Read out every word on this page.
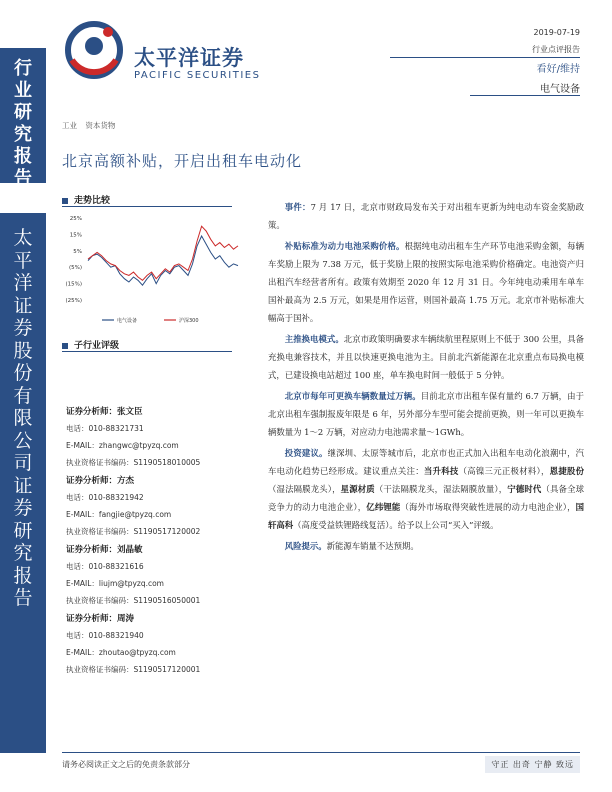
行
业
研
究
报
告
太
平
洋
证
券
股
份
有
限
公
司
证
券
研
究
报
告
太平洋证券
PACIFIC SECURITIES
2019-07-19
行业点评报告
看好/维持
电气设备
工业 资本货物
北京高额补贴，开启出租车电动化
走势比较
25%
15%
5%
(5%)
(15%)
(25%)
电气设备	沪深300
子行业评级
证券分析师：张文臣
电话：010-88321731
E-MAIL：zhangwc@tpyzq.com
执业资格证书编码：S1190518010005
证券分析师：方杰
电话：010-88321942
E-MAIL：fangjie@tpyzq.com
执业资格证书编码：S1190517120002
证券分析师：刘晶敏
电话：010-88321616
E-MAIL：liujm@tpyzq.com
执业资格证书编码：S1190516050001
证券分析师：周涛
电话：010-88321940
E-MAIL：zhoutao@tpyzq.com
执业资格证书编码：S1190517120001

事件：7 月 17 日，北京市财政局发布关于对出租车更新为纯电动车资金奖励政策。

补贴标准为动力电池采购价格。根据纯电动出租车生产环节电池采购金额，每辆车奖励上限为 7.38 万元，低于奖励上限的按照实际电池采购价格确定。电池资产归出租汽车经营者所有。政策有效期至 2020 年 12 月 31 日。今年纯电动乘用车单车国补最高为 2.5 万元，如果是用作运营，则国补最高 1.75 万元。北京市补贴标准大幅高于国补。

主推换电模式。北京市政策明确要求车辆续航里程原则上不低于 300 公里，具备充换电兼容技术，并且以快速更换电池为主。目前北汽新能源在北京重点布局换电模式，已建设换电站超过 100 座，单车换电时间一般低于 5 分钟。

北京市每年可更换车辆数量过万辆。目前北京市出租车保有量约 6.7 万辆，由于北京出租车强制报废年限是 6 年，另外部分车型可能会提前更换，则一年可以更换车辆数量为 1～2 万辆，对应动力电池需求量～1GWh。

投资建议。继深圳、太原等城市后，北京市也正式加入出租车电动化浪潮中，汽车电动化趋势已经形成。建议重点关注：当升科技（高镍三元正极材料），恩捷股份（湿法隔膜龙头），星源材质（干法隔膜龙头，湿法隔膜放量），宁德时代（具备全球竞争力的动力电池企业），亿纬锂能（海外市场取得突破性进展的动力电池企业），国轩高科（高度受益铁锂路线复活）。给予以上公司“买入”评级。

风险提示。新能源车销量不达预期。

请务必阅读正文之后的免责条款部分	守正 出奇 宁静 致远
